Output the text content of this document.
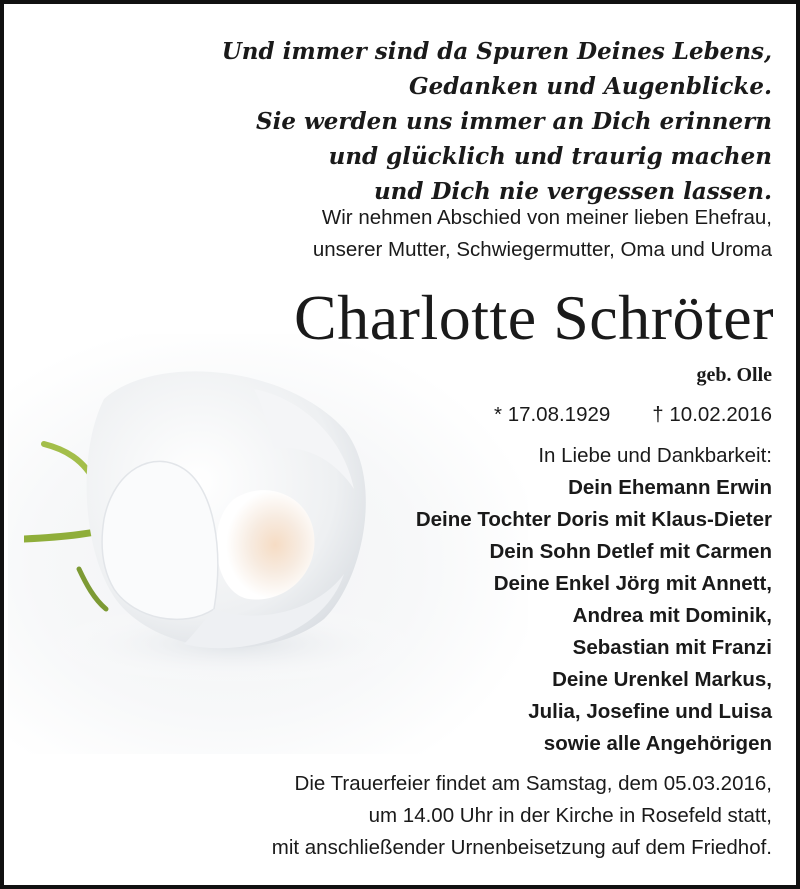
Und immer sind da Spuren Deines Lebens,
Gedanken und Augenblicke.
Sie werden uns immer an Dich erinnern
und glücklich und traurig machen
und Dich nie vergessen lassen.
Wir nehmen Abschied von meiner lieben Ehefrau,
unserer Mutter, Schwiegermutter, Oma und Uroma
Charlotte Schröter
geb. Olle
* 17.08.1929 † 10.02.2016
In Liebe und Dankbarkeit:
Dein Ehemann Erwin
Deine Tochter Doris mit Klaus-Dieter
Dein Sohn Detlef mit Carmen
Deine Enkel Jörg mit Annett,
Andrea mit Dominik,
Sebastian mit Franzi
Deine Urenkel Markus,
Julia, Josefine und Luisa
sowie alle Angehörigen
Die Trauerfeier findet am Samstag, dem 05.03.2016,
um 14.00 Uhr in der Kirche in Rosefeld statt,
mit anschließender Urnenbeisetzung auf dem Friedhof.
